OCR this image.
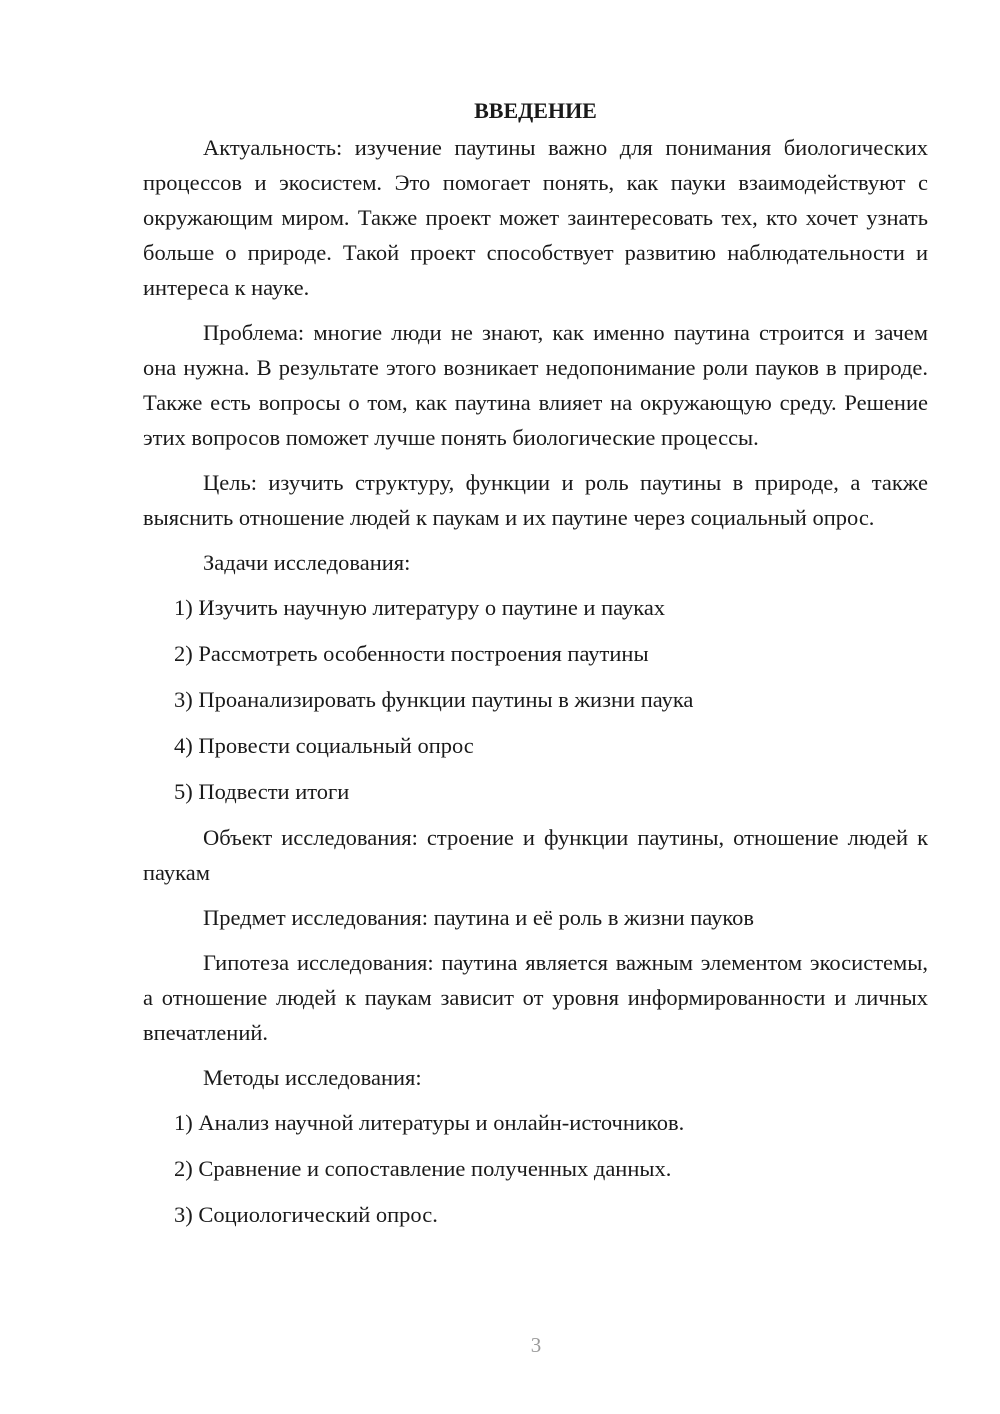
ВВЕДЕНИЕ

Актуальность: изучение паутины важно для понимания биологических процессов и экосистем. Это помогает понять, как пауки взаимодействуют с окружающим миром. Также проект может заинтересовать тех, кто хочет узнать больше о природе. Такой проект способствует развитию наблюдательности и интереса к науке.

Проблема: многие люди не знают, как именно паутина строится и зачем она нужна. В результате этого возникает недопонимание роли пауков в природе. Также есть вопросы о том, как паутина влияет на окружающую среду. Решение этих вопросов поможет лучше понять биологические процессы.

Цель: изучить структуру, функции и роль паутины в природе, а также выяснить отношение людей к паукам и их паутине через социальный опрос.

Задачи исследования:

1) Изучить научную литературу о паутине и пауках
2) Рассмотреть особенности построения паутины
3) Проанализировать функции паутины в жизни паука
4) Провести социальный опрос
5) Подвести итоги

Объект исследования: строение и функции паутины, отношение людей к паукам

Предмет исследования: паутина и её роль в жизни пауков

Гипотеза исследования: паутина является важным элементом экосистемы, а отношение людей к паукам зависит от уровня информированности и личных впечатлений.

Методы исследования:

1) Анализ научной литературы и онлайн-источников.
2) Сравнение и сопоставление полученных данных.
3) Социологический опрос.
3
